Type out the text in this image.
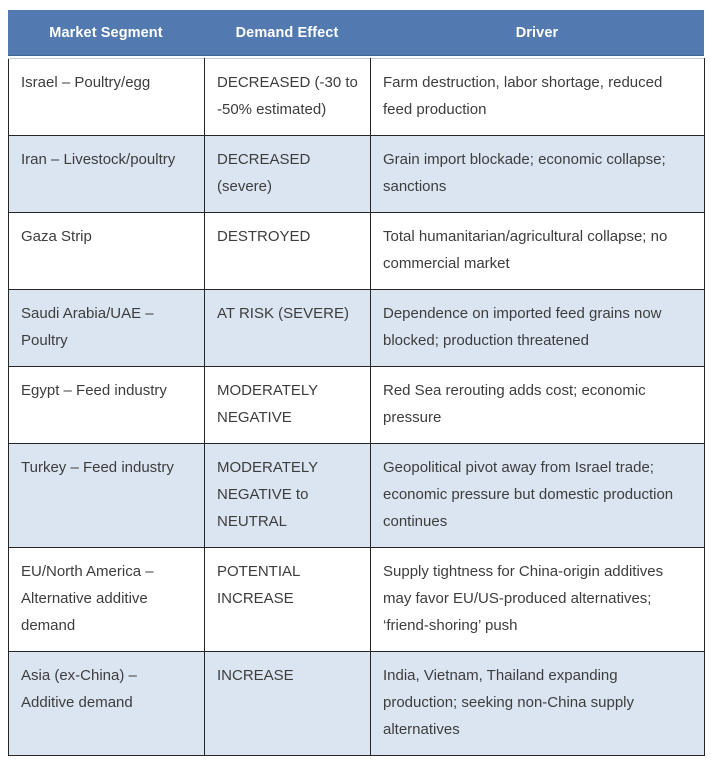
Market Segment	Demand Effect	Driver
Israel – Poultry/egg	DECREASED (-30 to -50% estimated)	Farm destruction, labor shortage, reduced feed production
Iran – Livestock/poultry	DECREASED (severe)	Grain import blockade; economic collapse; sanctions
Gaza Strip	DESTROYED	Total humanitarian/agricultural collapse; no commercial market
Saudi Arabia/UAE – Poultry	AT RISK (SEVERE)	Dependence on imported feed grains now blocked; production threatened
Egypt – Feed industry	MODERATELY NEGATIVE	Red Sea rerouting adds cost; economic pressure
Turkey – Feed industry	MODERATELY NEGATIVE to NEUTRAL	Geopolitical pivot away from Israel trade; economic pressure but domestic production continues
EU/North America – Alternative additive demand	POTENTIAL INCREASE	Supply tightness for China-origin additives may favor EU/US-produced alternatives; ‘friend-shoring’ push
Asia (ex-China) – Additive demand	INCREASE	India, Vietnam, Thailand expanding production; seeking non-China supply alternatives
